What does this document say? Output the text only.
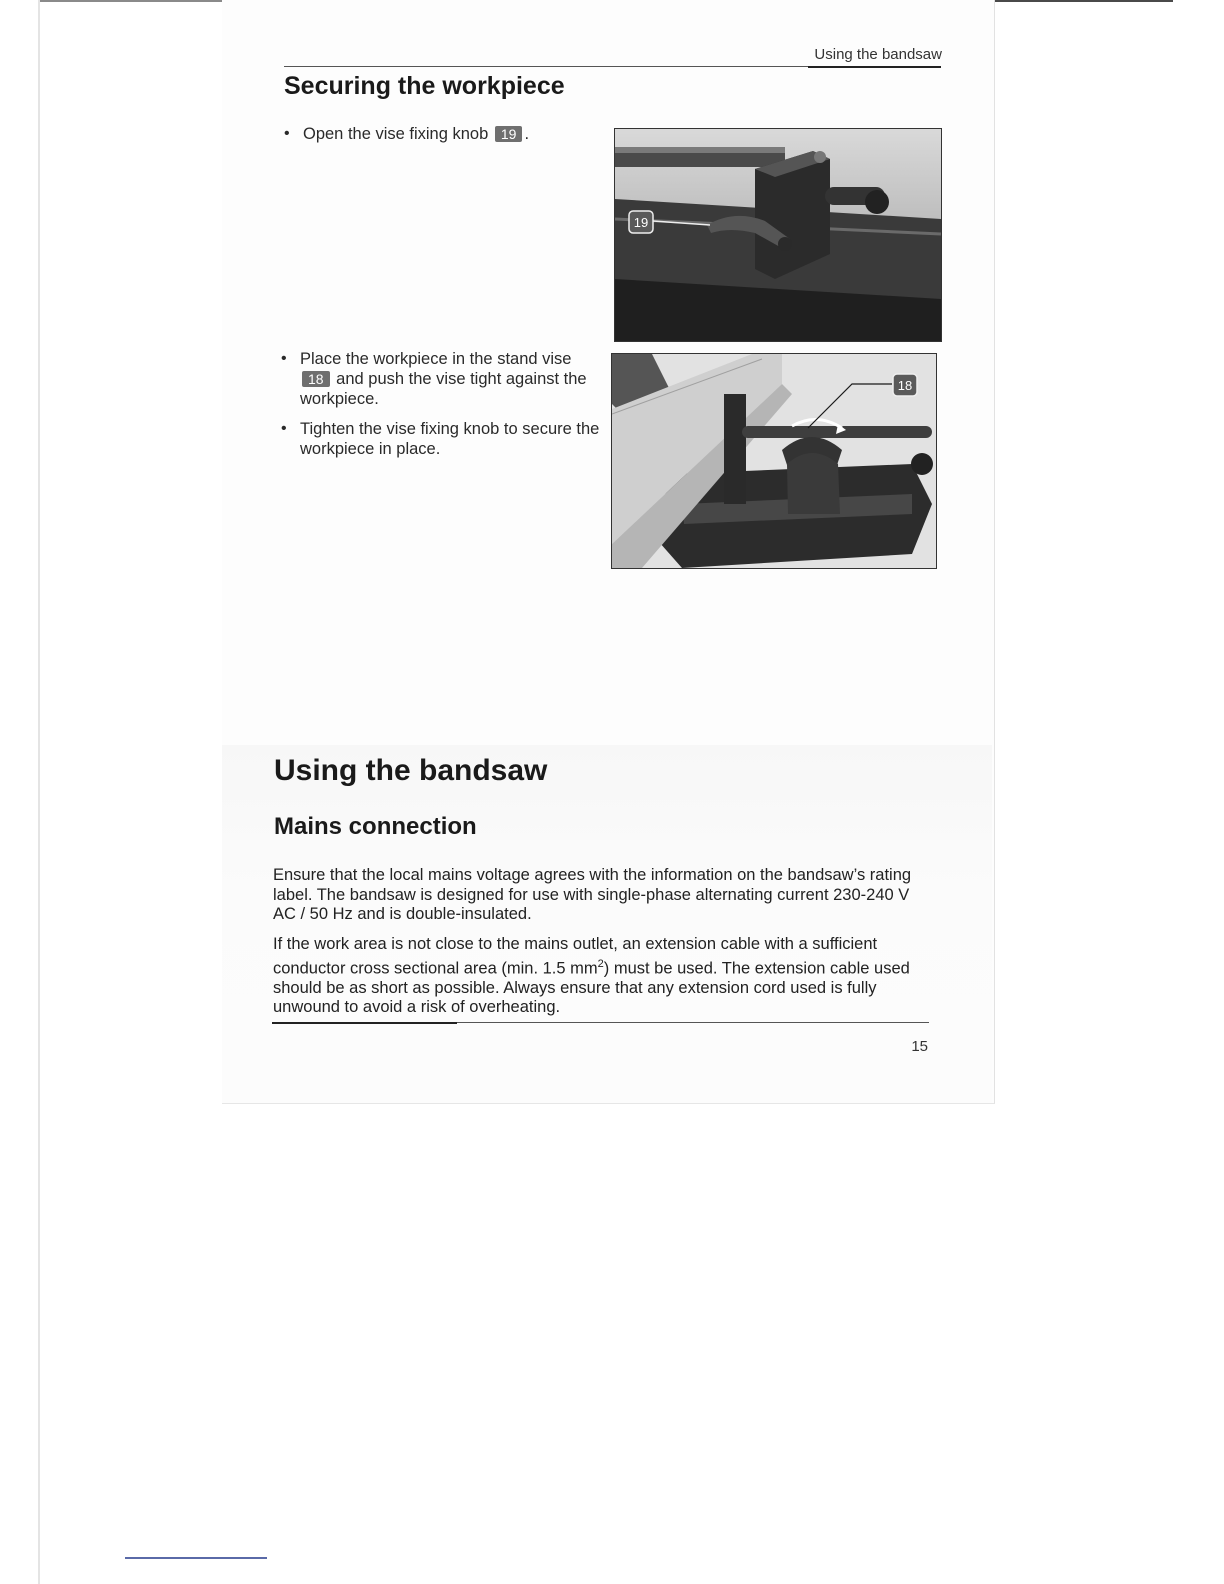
Using the bandsaw
Securing the workpiece
• Open the vise fixing knob 19 .
19
• Place the workpiece in the stand vise 18 and push the vise tight against the workpiece.
• Tighten the vise fixing knob to secure the workpiece in place.
18
Using the bandsaw
Mains connection

Ensure that the local mains voltage agrees with the information on the bandsaw’s rating label. The bandsaw is designed for use with single-phase alternating current 230-240 V AC / 50 Hz and is double-insulated.

If the work area is not close to the mains outlet, an extension cable with a sufficient conductor cross sectional area (min. 1.5 $mm^2$) must be used. The extension cable used should be as short as possible. Always ensure that any extension cord used is fully unwound to avoid a risk of overheating.

15
